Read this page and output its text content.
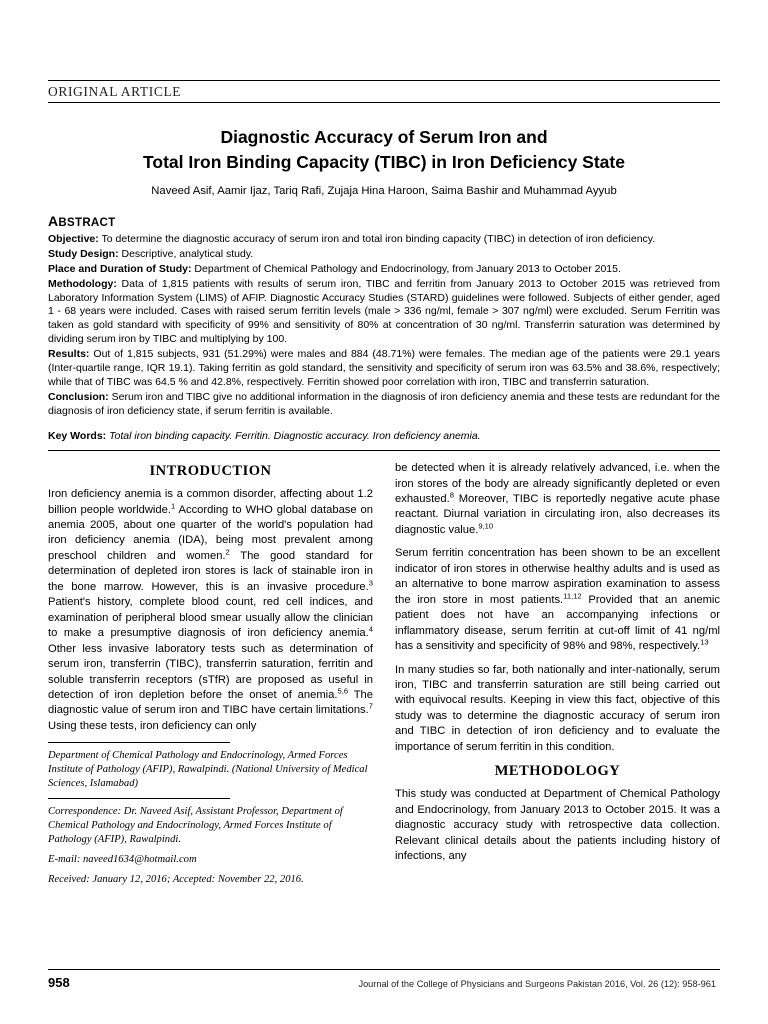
ORIGINAL ARTICLE
Diagnostic Accuracy of Serum Iron and
Total Iron Binding Capacity (TIBC) in Iron Deficiency State
Naveed Asif, Aamir Ijaz, Tariq Rafi, Zujaja Hina Haroon, Saima Bashir and Muhammad Ayyub
ABSTRACT

Objective: To determine the diagnostic accuracy of serum iron and total iron binding capacity (TIBC) in detection of iron deficiency.

Study Design: Descriptive, analytical study.

Place and Duration of Study: Department of Chemical Pathology and Endocrinology, from January 2013 to October 2015.

Methodology: Data of 1,815 patients with results of serum iron, TIBC and ferritin from January 2013 to October 2015 was retrieved from Laboratory Information System (LIMS) of AFIP. Diagnostic Accuracy Studies (STARD) guidelines were followed. Subjects of either gender, aged 1 - 68 years were included. Cases with raised serum ferritin levels (male > 336 ng/ml, female > 307 ng/ml) were excluded. Serum Ferritin was taken as gold standard with specificity of 99% and sensitivity of 80% at concentration of 30 ng/ml. Transferrin saturation was determined by dividing serum iron by TIBC and multiplying by 100.

Results: Out of 1,815 subjects, 931 (51.29%) were males and 884 (48.71%) were females. The median age of the patients were 29.1 years (Inter-quartile range, IQR 19.1). Taking ferritin as gold standard, the sensitivity and specificity of serum iron was 63.5% and 38.6%, respectively; while that of TIBC was 64.5 % and 42.8%, respectively. Ferritin showed poor correlation with iron, TIBC and transferrin saturation.

Conclusion: Serum iron and TIBC give no additional information in the diagnosis of iron deficiency anemia and these tests are redundant for the diagnosis of iron deficiency state, if serum ferritin is available.

Key Words: Total iron binding capacity. Ferritin. Diagnostic accuracy. Iron deficiency anemia.
INTRODUCTION

Iron deficiency anemia is a common disorder, affecting about 1.2 billion people worldwide.$^1$ According to WHO global database on anemia 2005, about one quarter of the world's population had iron deficiency anemia (IDA), being most prevalent among preschool children and women.$^2$ The good standard for determination of depleted iron stores is lack of stainable iron in the bone marrow. However, this is an invasive procedure.$^3$ Patient's history, complete blood count, red cell indices, and examination of peripheral blood smear usually allow the clinician to make a presumptive diagnosis of iron deficiency anemia.$^4$ Other less invasive laboratory tests such as determination of serum iron, transferrin (TIBC), transferrin saturation, ferritin and soluble transferrin receptors (sTfR) are proposed as useful in detection of iron depletion before the onset of anemia.$^{5,6}$ The diagnostic value of serum iron and TIBC have certain limitations.$^7$ Using these tests, iron deficiency can only

Department of Chemical Pathology and Endocrinology, Armed Forces Institute of Pathology (AFIP), Rawalpindi. (National University of Medical Sciences, Islamabad)

Correspondence: Dr. Naveed Asif, Assistant Professor, Department of Chemical Pathology and Endocrinology, Armed Forces Institute of Pathology (AFIP), Rawalpindi.

E-mail: naveed1634@hotmail.com

Received: January 12, 2016; Accepted: November 22, 2016.

be detected when it is already relatively advanced, i.e. when the iron stores of the body are already significantly depleted or even exhausted.$^8$ Moreover, TIBC is reportedly negative acute phase reactant. Diurnal variation in circulating iron, also decreases its diagnostic value.$^{9,10}$

Serum ferritin concentration has been shown to be an excellent indicator of iron stores in otherwise healthy adults and is used as an alternative to bone marrow aspiration examination to assess the iron store in most patients.$^{11,12}$ Provided that an anemic patient does not have an accompanying infections or inflammatory disease, serum ferritin at cut-off limit of 41 ng/ml has a sensitivity and specificity of 98% and 98%, respectively.$^{13}$

In many studies so far, both nationally and inter-nationally, serum iron, TIBC and transferrin saturation are still being carried out with equivocal results. Keeping in view this fact, objective of this study was to determine the diagnostic accuracy of serum iron and TIBC in detection of iron deficiency and to evaluate the importance of serum ferritin in this condition.

METHODOLOGY

This study was conducted at Department of Chemical Pathology and Endocrinology, from January 2013 to October 2015. It was a diagnostic accuracy study with retrospective data collection. Relevant clinical details about the patients including history of infections, any

958	Journal of the College of Physicians and Surgeons Pakistan 2016, Vol. 26 (12): 958-961
